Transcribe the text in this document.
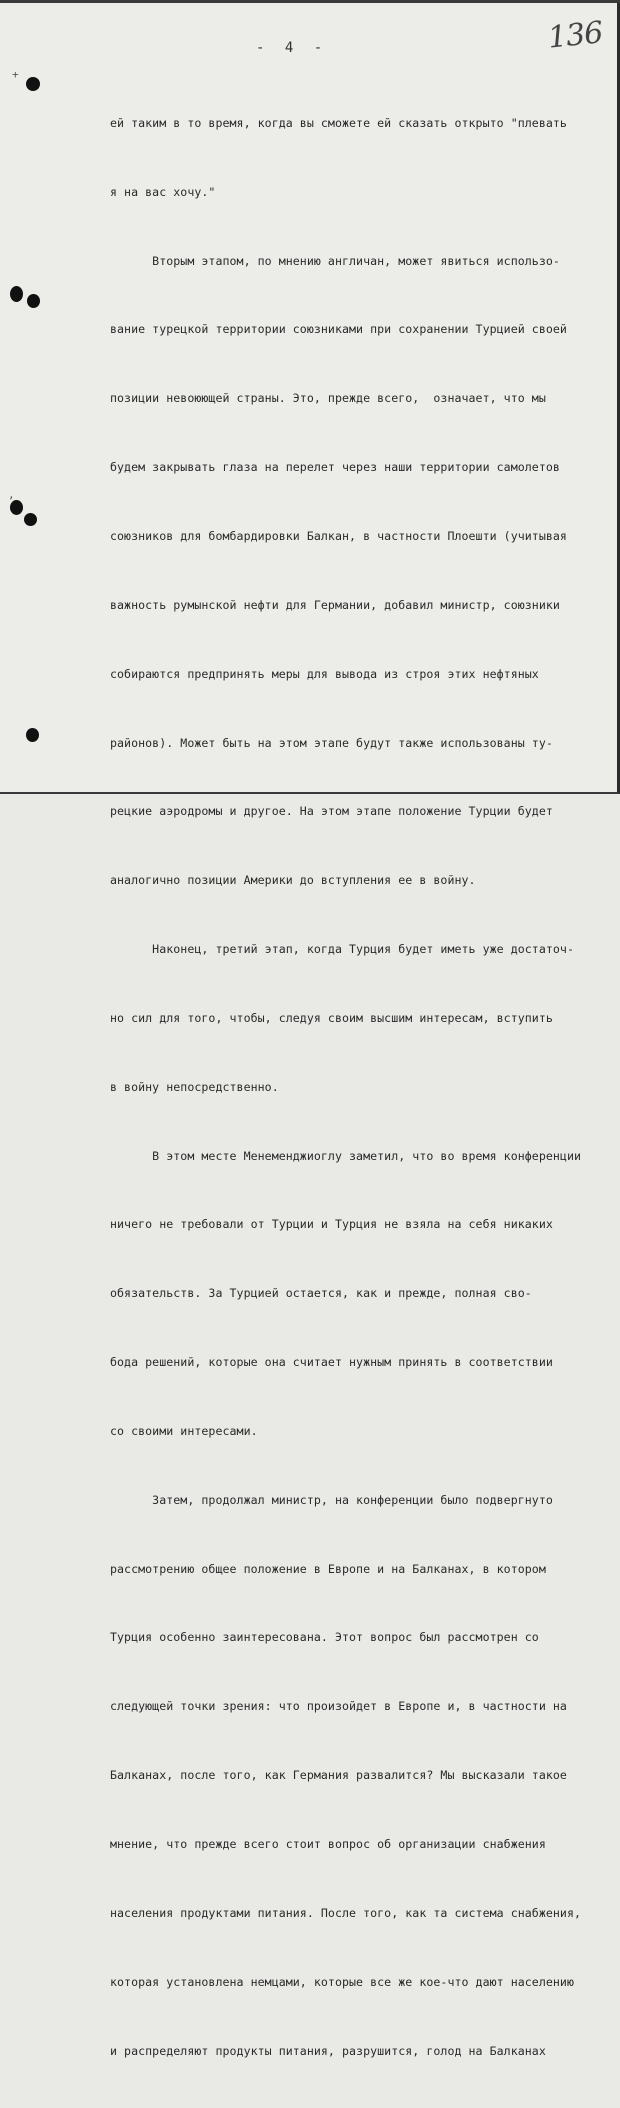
- 4 -	136
+
,

ей таким в то время, когда вы сможете ей сказать открыто "плевать

я на вас хочу."

Вторым этапом, по мнению англичан, может явиться использо-

вание турецкой территории союзниками при сохранении Турцией своей

позиции невоюющей страны. Это, прежде всего,  означает, что мы

будем закрывать глаза на перелет через наши территории самолетов

союзников для бомбардировки Балкан, в частности Плоешти (учитывая

важность румынской нефти для Германии, добавил министр, союзники

собираются предпринять меры для вывода из строя этих нефтяных

районов). Может быть на этом этапе будут также использованы ту-

рецкие аэродромы и другое. На этом этапе положение Турции будет

аналогично позиции Америки до вступления ее в войну.

Наконец, третий этап, когда Турция будет иметь уже достаточ-

но сил для того, чтобы, следуя своим высшим интересам, вступить

в войну непосредственно.

В этом месте Менеменджиоглу заметил, что во время конференции

ничего не требовали от Турции и Турция не взяла на себя никаких

обязательств. За Турцией остается, как и прежде, полная сво-

бода решений, которые она считает нужным принять в соответствии

со своими интересами.

Затем, продолжал министр, на конференции было подвергнуто

рассмотрению общее положение в Европе и на Балканах, в котором

Турция особенно заинтересована. Этот вопрос был рассмотрен со

следующей точки зрения: что произойдет в Европе и, в частности на

Балканах, после того, как Германия развалится? Мы высказали такое

мнение, что прежде всего стоит вопрос об организации снабжения

населения продуктами питания. После того, как та система снабжения,

которая установлена немцами, которые все же кое-что дают населению

и распределяют продукты питания, разрушится, голод на Балканах
